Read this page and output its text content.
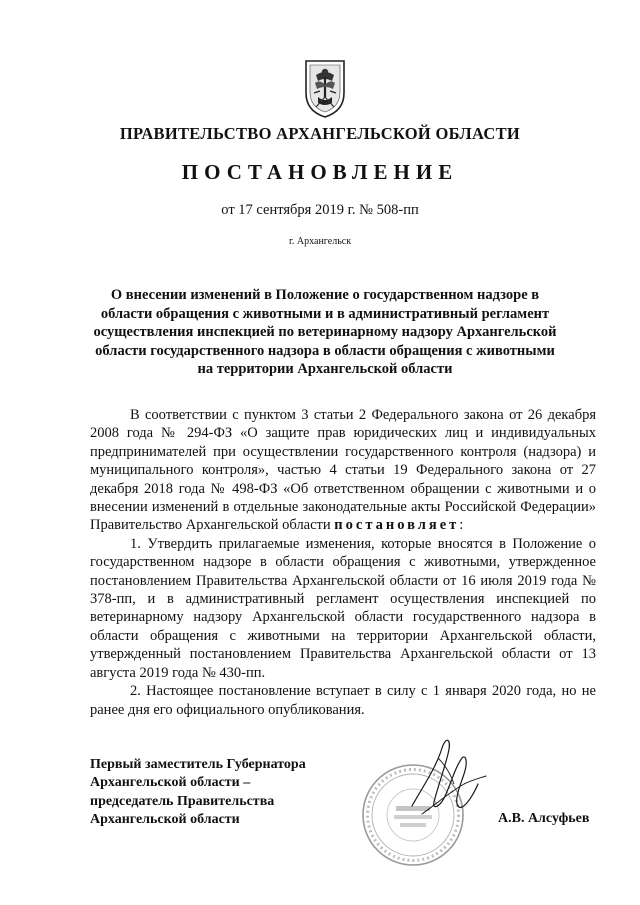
ПРАВИТЕЛЬСТВО АРХАНГЕЛЬСКОЙ ОБЛАСТИ
ПОСТАНОВЛЕНИЕ
от 17 сентября 2019 г. № 508-пп
г. Архангельск
О внесении изменений в Положение о государственном надзоре в области обращения с животными и в административный регламент осуществления инспекцией по ветеринарному надзору Архангельской области государственного надзора в области обращения с животными на территории Архангельской области

В соответствии с пунктом 3 статьи 2 Федерального закона от 26 декабря 2008 года № 294-ФЗ «О защите прав юридических лиц и индивидуальных предпринимателей при осуществлении государственного контроля (надзора) и муниципального контроля», частью 4 статьи 19 Федерального закона от 27 декабря 2018 года № 498-ФЗ «Об ответственном обращении с животными и о внесении изменений в отдельные законодательные акты Российской Федерации» Правительство Архангельской области постановляет:

1. Утвердить прилагаемые изменения, которые вносятся в Положение о государственном надзоре в области обращения с животными, утвержденное постановлением Правительства Архангельской области от 16 июля 2019 года № 378-пп, и в административный регламент осуществления инспекцией по ветеринарному надзору Архангельской области государственного надзора в области обращения с животными на территории Архангельской области, утвержденный постановлением Правительства Архангельской области от 13 августа 2019 года № 430-пп.

2. Настоящее постановление вступает в силу с 1 января 2020 года, но не ранее дня его официального опубликования.

Первый заместитель Губернатора
Архангельской области –
председатель Правительства
Архангельской области	А.В. Алсуфьев
